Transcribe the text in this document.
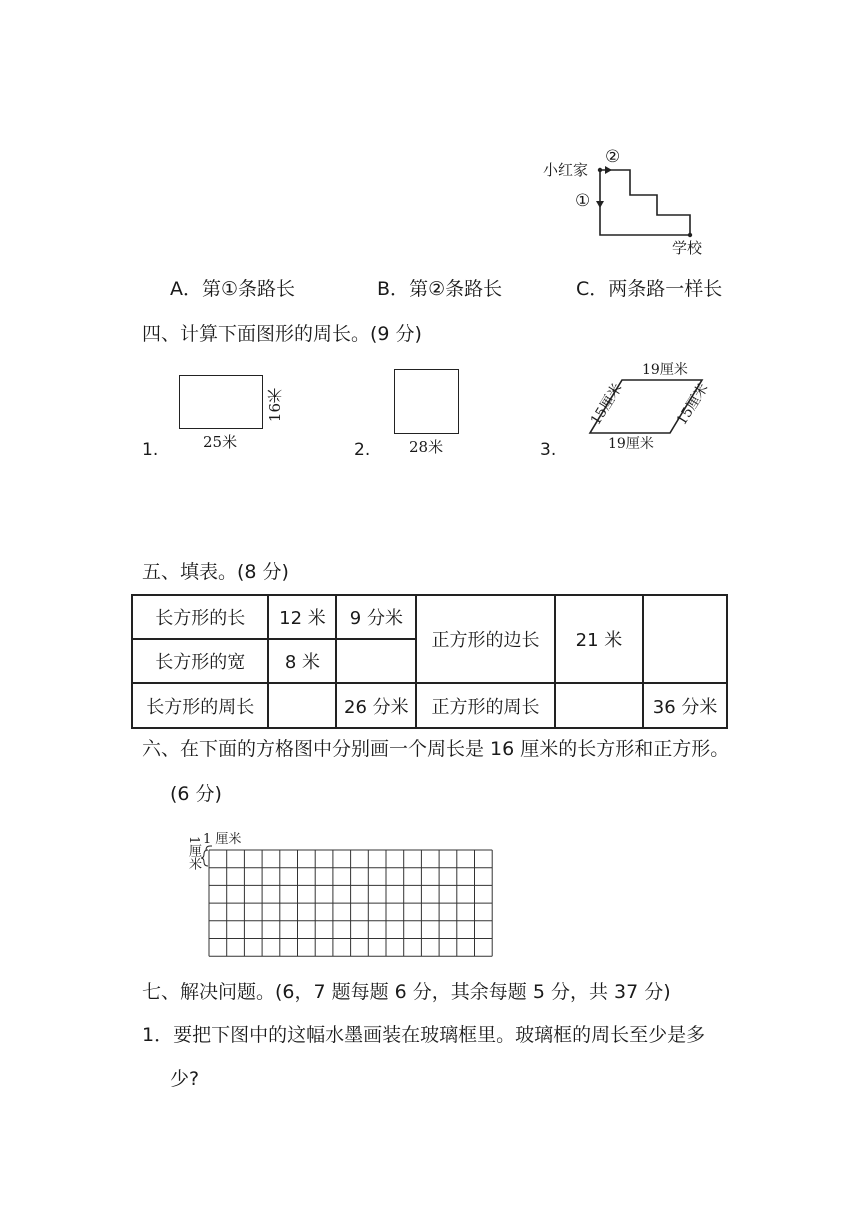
小红家
②
①
学校
A．第①条路长	B．第②条路长	C．两条路一样长
四、计算下面图形的周长。(9 分)
1.	25米
16米
2.	28米	3.
19厘米
19厘米
15厘米	15厘米
五、填表。(8 分)
长方形的长	12 米	9 分米	正方形的边长	21 米	
长方形的宽	8 米				
长方形的周长		26 分米	正方形的周长		36 分米
六、在下面的方格图中分别画一个周长是 16 厘米的长方形和正方形。
(6 分)
1 厘米
1厘米
七、解决问题。(6，7 题每题 6 分，其余每题 5 分，共 37 分)
1．要把下图中的这幅水墨画装在玻璃框里。玻璃框的周长至少是多
少?
